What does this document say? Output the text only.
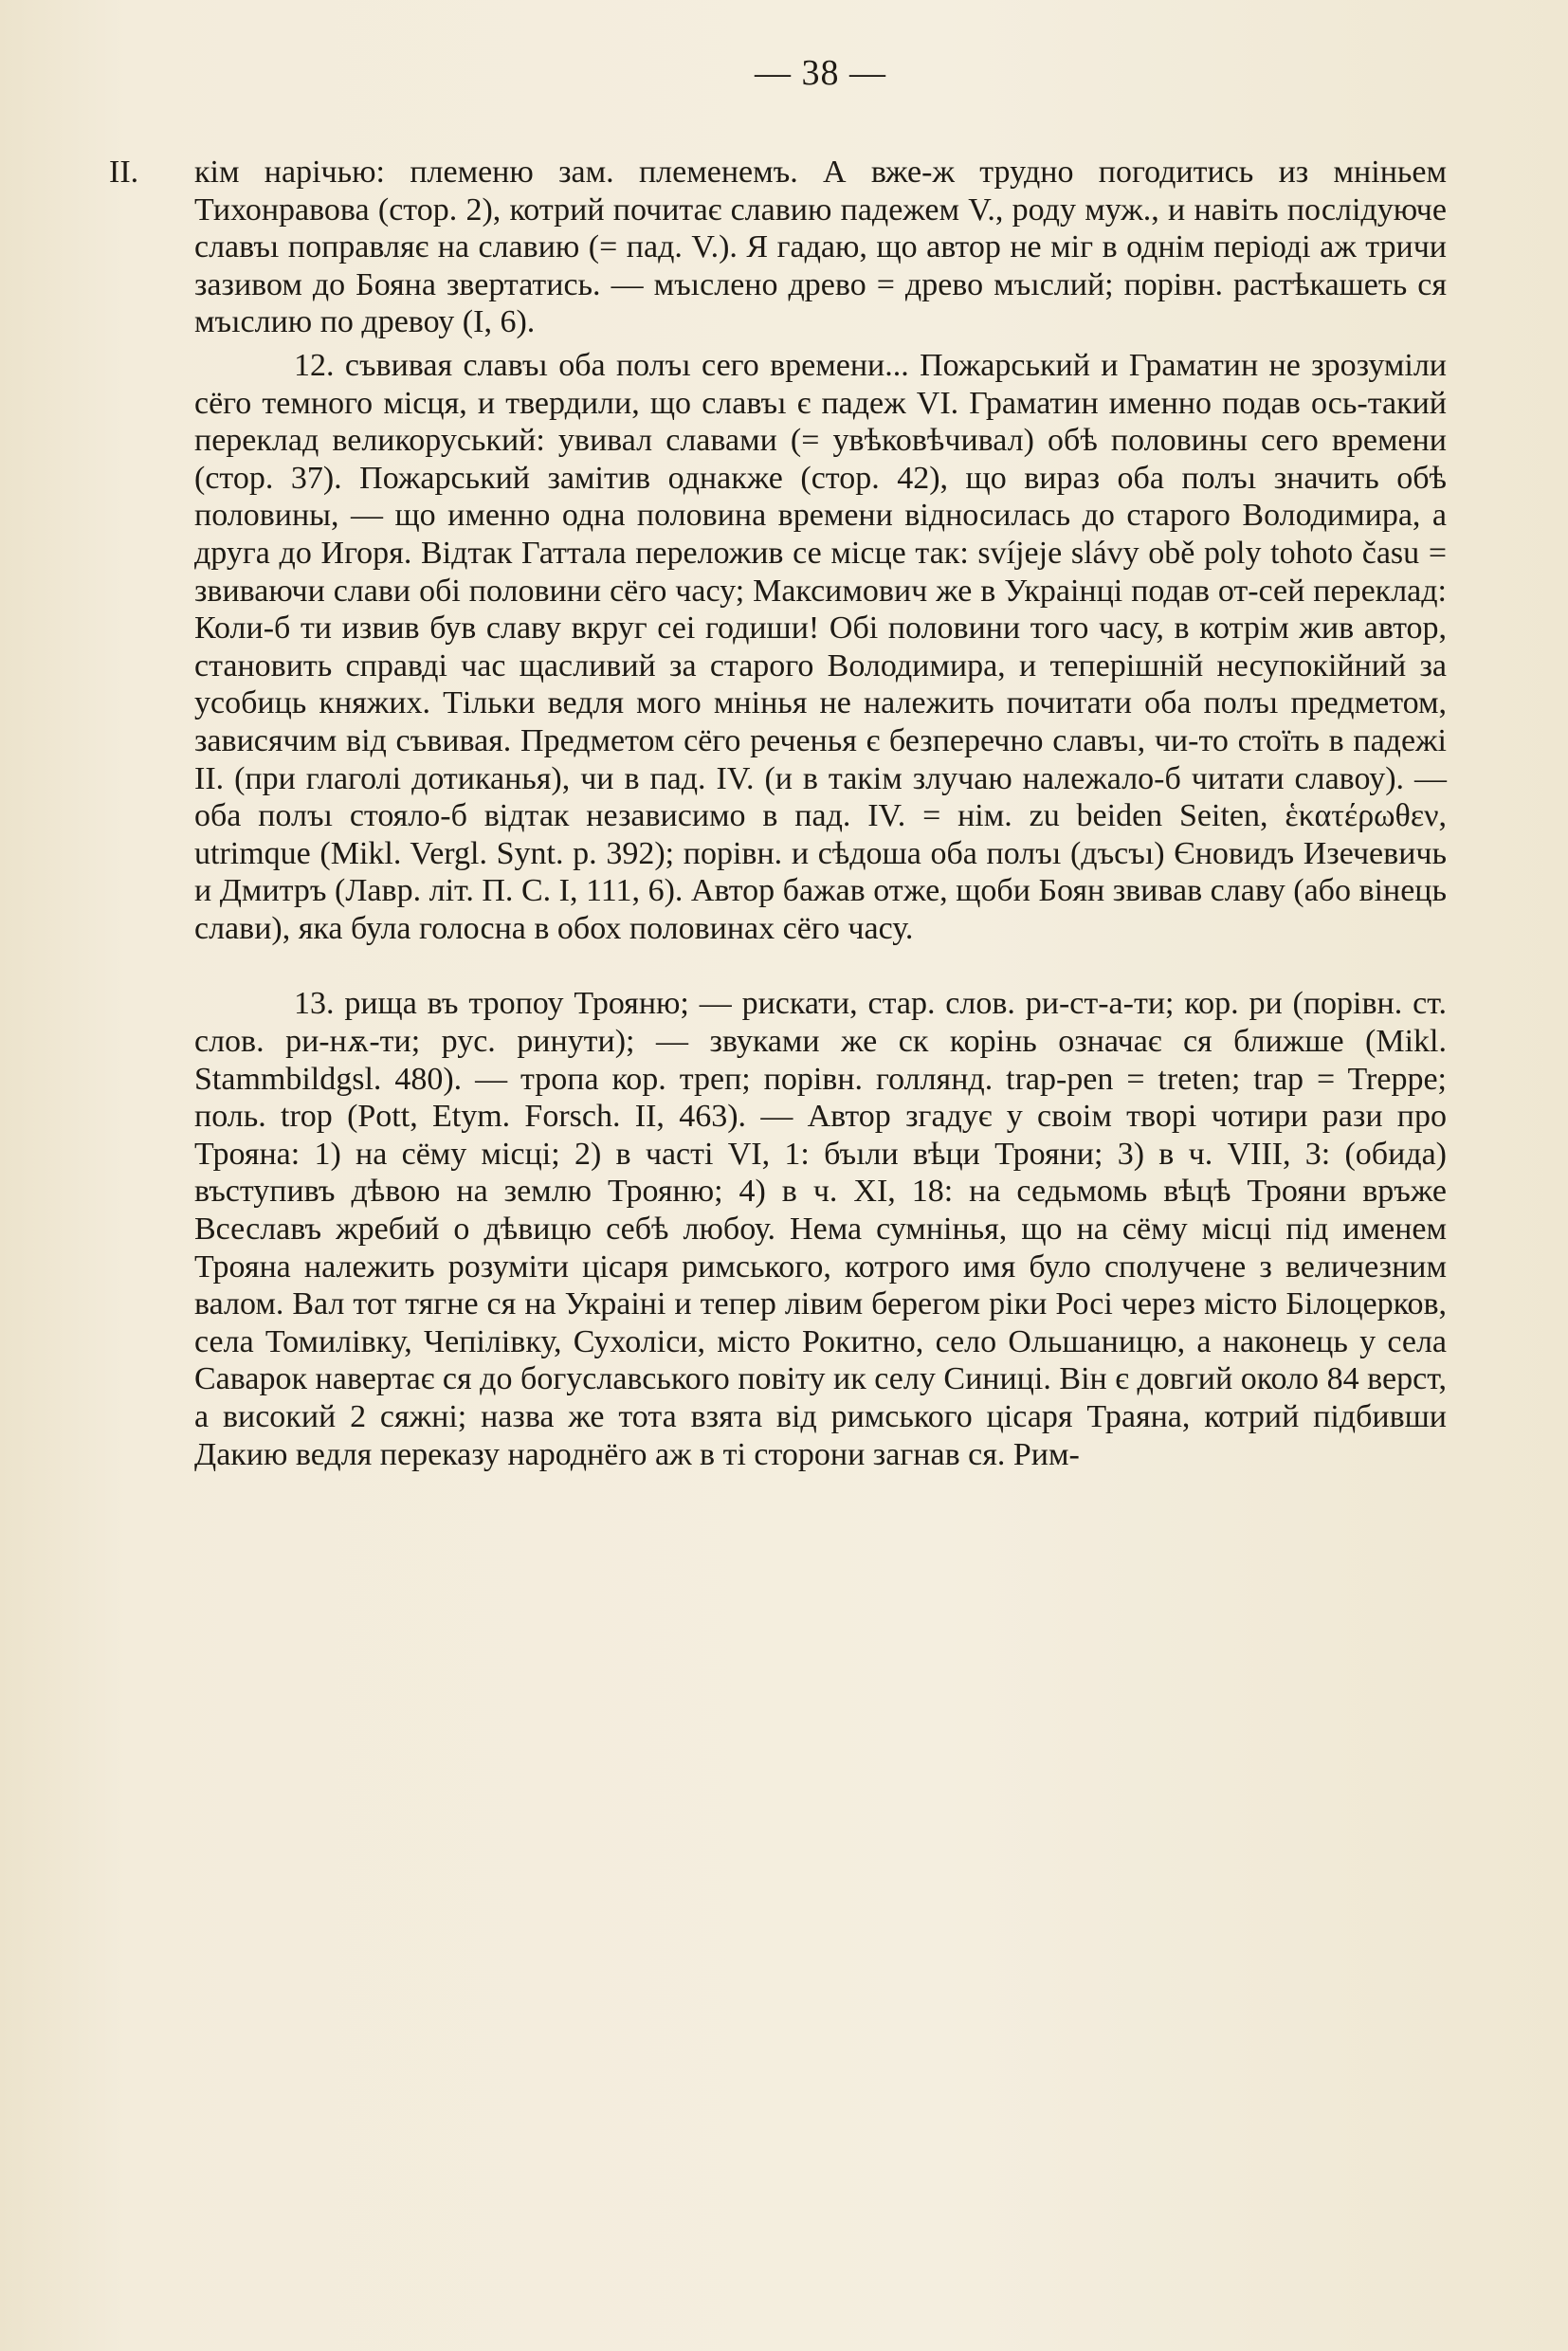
— 38 —

II. кім нарічью: племеню зам. племенемъ. А вже-ж трудно погодитись из мніньем Тихонравова (стор. 2), котрий почитає славию падежем V., роду муж., и навіть послідуюче славъı поправляє на славию (= пад. V.). Я гадаю, що автор не міг в однім періоді аж тричи зазивом до Бояна звертатись. — мъıслено древо = древо мъıслий; порівн. растѣкашеть ся мъıслию по древоу (I, 6).

12. съвивая славъı оба полъı сего времени... Пожарський и Граматин не зрозуміли сёго темного місця, и твердили, що славъı є падеж VI. Граматин именно подав ось-такий переклад великоруський: увивал славами (= увѣковѣчивал) обѣ половины сего времени (стор. 37). Пожарський замітив однакже (стор. 42), що вираз оба полъı значить обѣ половины, — що именно одна половина времени відносилась до старого Володимира, а друга до Игоря. Відтак Гаттала переложив се місце так: svíjeje slávy obě poly tohoto času = звиваючи слави обі половини сёго часу; Максимович же в Украінці подав от-сей переклад: Коли-б ти извив був славу вкруг сеі годиши! Обі половини того часу, в котрім жив автор, становить справді час щасливий за старого Володимира, и теперішній несупокійний за усобиць княжих. Тільки ведля мого мнінья не належить почитати оба полъı предметом, зависячим від съвивая. Предметом сёго реченья є безперечно славъı, чи-то стоїть в падежі II. (при глаголі дотиканья), чи в пад. IV. (и в такім злучаю належало-б читати славоу). — оба полъı стояло-б відтак независимо в пад. IV. = нім. zu beiden Seiten, ἑκατέρωθεν, utrimque (Mikl. Vergl. Synt. p. 392); порівн. и сѣдоша оба полъı (дъсъı) Єновидъ Изечевичь и Дмитръ (Лавр. літ. П. С. I, 111, 6). Автор бажав отже, щоби Боян звивав славу (або вінець слави), яка була голосна в обох половинах сёго часу.

13. рища въ тропоу Трояню; — рискати, стар. слов. ри-ст-а-ти; кор. ри (порівн. ст. слов. ри-нѫ-ти; рус. ринути); — звуками же ск корінь означає ся ближше (Mikl. Stammbildgsl. 480). — тропа кор. треп; порівн. голлянд. trap-pen = treten; trap = Treppe; поль. trop (Pott, Etym. Forsch. II, 463). — Автор згадує у своім творі чотири рази про Трояна: 1) на сёму місці; 2) в часті VI, 1: бъıли вѣци Трояни; 3) в ч. VIII, 3: (обида) въступивъ дѣвою на землю Трояню; 4) в ч. XI, 18: на седьмомь вѣцѣ Трояни връже Всеславъ жребий о дѣвицю себѣ любоу. Нема сумнінья, що на сёму місці під именем Трояна належить розуміти цісаря римського, котрого имя було сполучене з величезним валом. Вал тот тягне ся на Украіні и тепер лівим берегом ріки Росі через місто Білоцерков, села Томилівку, Чепілівку, Сухоліси, місто Рокитно, село Ольшаницю, а наконець у села Саварок навертає ся до богуславського повіту ик селу Синиці. Він є довгий около 84 верст, а високий 2 сяжні; назва же тота взята від римського цісаря Траяна, котрий підбивши Дакию ведля переказу народнёго аж в ті сторони загнав ся. Рим-
